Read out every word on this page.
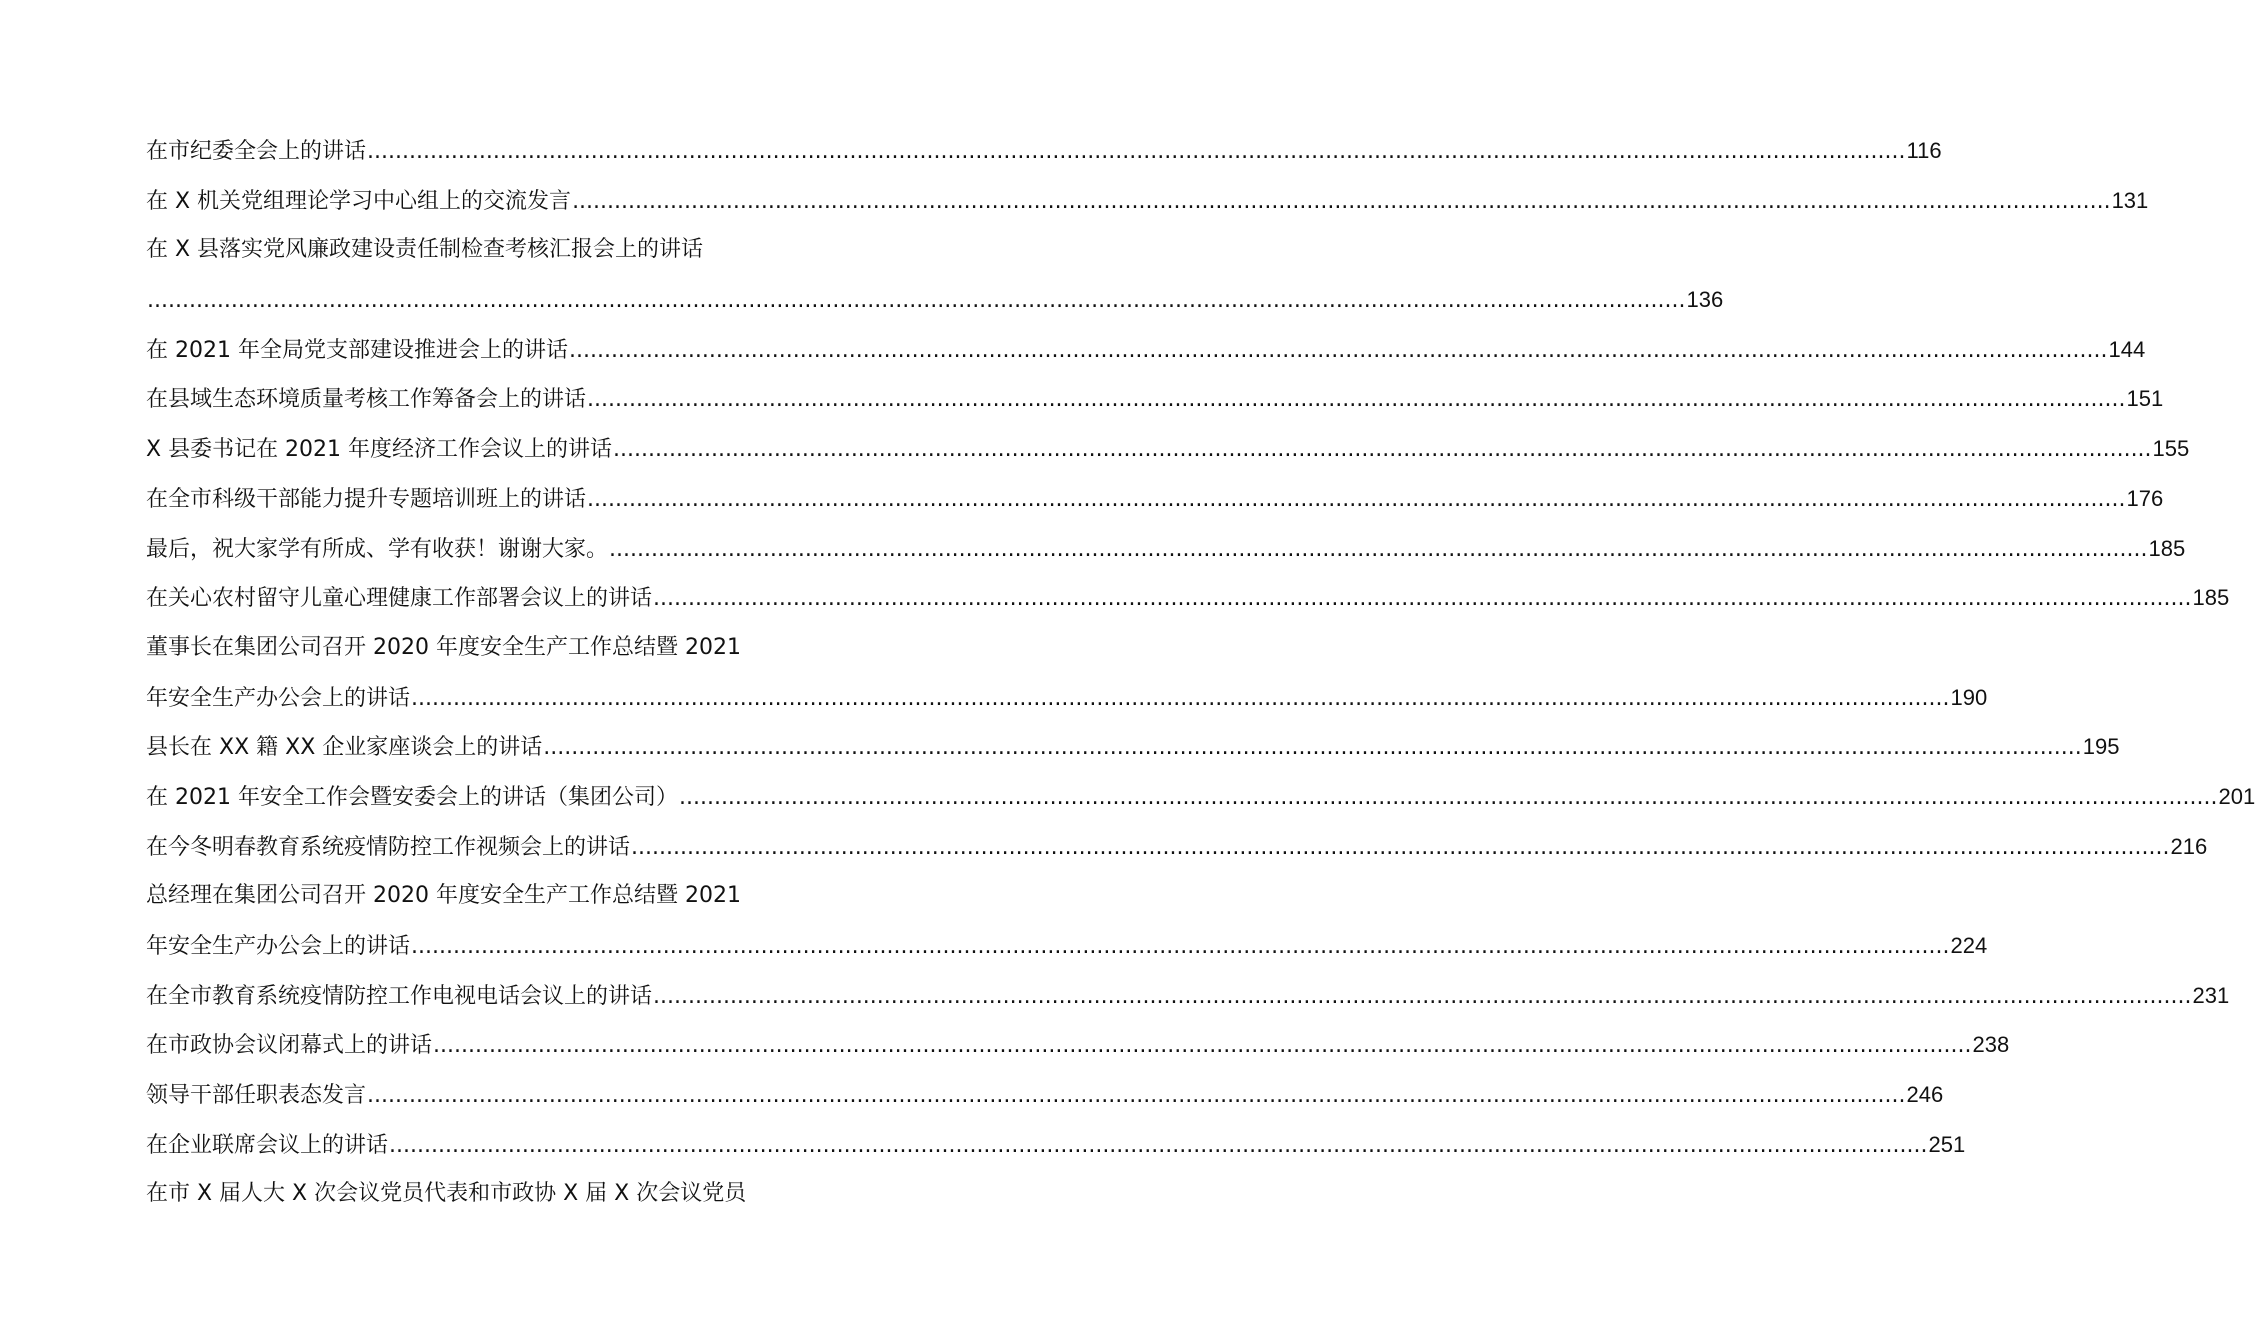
在市纪委全会上的讲话 ............................................................................................................................................................................................................................ 116
在 X 机关党组理论学习中心组上的交流发言 ............................................................................................................................................................................................................................ 131
在 X 县落实党风廉政建设责任制检查考核汇报会上的讲话
............................................................................................................................................................................................................................ 136
在 2021 年全局党支部建设推进会上的讲话 ............................................................................................................................................................................................................................ 144
在县域生态环境质量考核工作筹备会上的讲话 ............................................................................................................................................................................................................................ 151
X 县委书记在 2021 年度经济工作会议上的讲话 ............................................................................................................................................................................................................................ 155
在全市科级干部能力提升专题培训班上的讲话 ............................................................................................................................................................................................................................ 176
最后，祝大家学有所成、学有收获！谢谢大家。 ............................................................................................................................................................................................................................ 185
在关心农村留守儿童心理健康工作部署会议上的讲话 ............................................................................................................................................................................................................................ 185
董事长在集团公司召开 2020 年度安全生产工作总结暨 2021
年安全生产办公会上的讲话 ............................................................................................................................................................................................................................ 190
县长在 XX 籍 XX 企业家座谈会上的讲话 ............................................................................................................................................................................................................................ 195
在 2021 年安全工作会暨安委会上的讲话（集团公司） ............................................................................................................................................................................................................................ 201
在今冬明春教育系统疫情防控工作视频会上的讲话 ............................................................................................................................................................................................................................ 216
总经理在集团公司召开 2020 年度安全生产工作总结暨 2021
年安全生产办公会上的讲话 ............................................................................................................................................................................................................................ 224
在全市教育系统疫情防控工作电视电话会议上的讲话 ............................................................................................................................................................................................................................ 231
在市政协会议闭幕式上的讲话 ............................................................................................................................................................................................................................ 238
领导干部任职表态发言 ............................................................................................................................................................................................................................ 246
在企业联席会议上的讲话 ............................................................................................................................................................................................................................ 251
在市 X 届人大 X 次会议党员代表和市政协 X 届 X 次会议党员
